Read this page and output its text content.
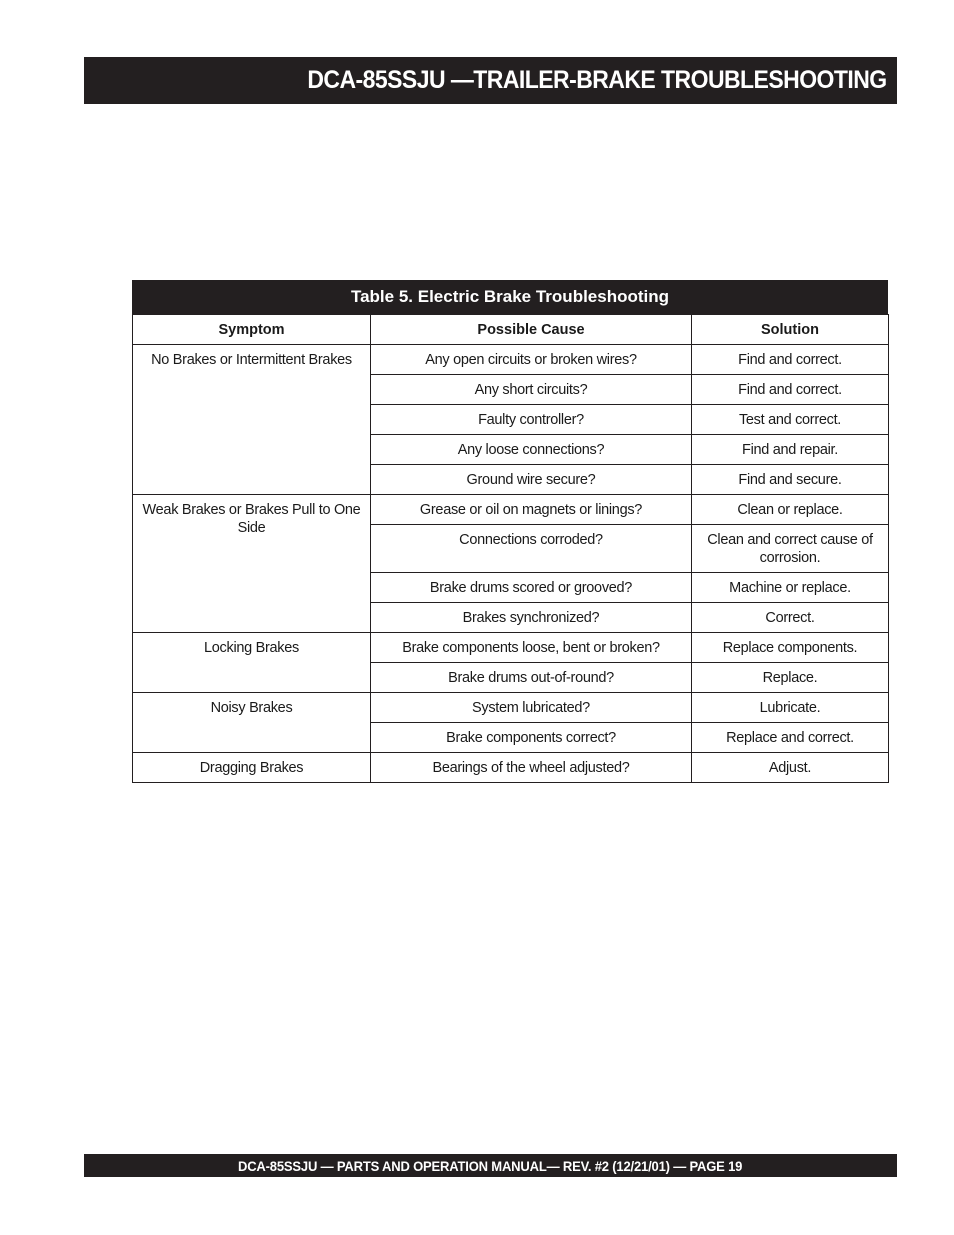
DCA-85SSJU —TRAILER-BRAKE TROUBLESHOOTING
Table 5. Electric Brake Troubleshooting
Symptom	Possible Cause	Solution
No Brakes or Intermittent Brakes	Any open circuits or broken wires?	Find and correct.
	Any short circuits?	Find and correct.
	Faulty controller?	Test and correct.
	Any loose connections?	Find and repair.
	Ground wire secure?	Find and secure.
Weak Brakes or Brakes Pull to One Side	Grease or oil on magnets or linings?	Clean or replace.
	Connections corroded?	Clean and correct cause of corrosion.
	Brake drums scored or grooved?	Machine or replace.
	Brakes synchronized?	Correct.
Locking Brakes	Brake components loose, bent or broken?	Replace components.
	Brake drums out-of-round?	Replace.
Noisy Brakes	System lubricated?	Lubricate.
	Brake components correct?	Replace and correct.
Dragging Brakes	Bearings of the wheel adjusted?	Adjust.
DCA-85SSJU — PARTS AND OPERATION MANUAL— REV. #2 (12/21/01) — PAGE 19
